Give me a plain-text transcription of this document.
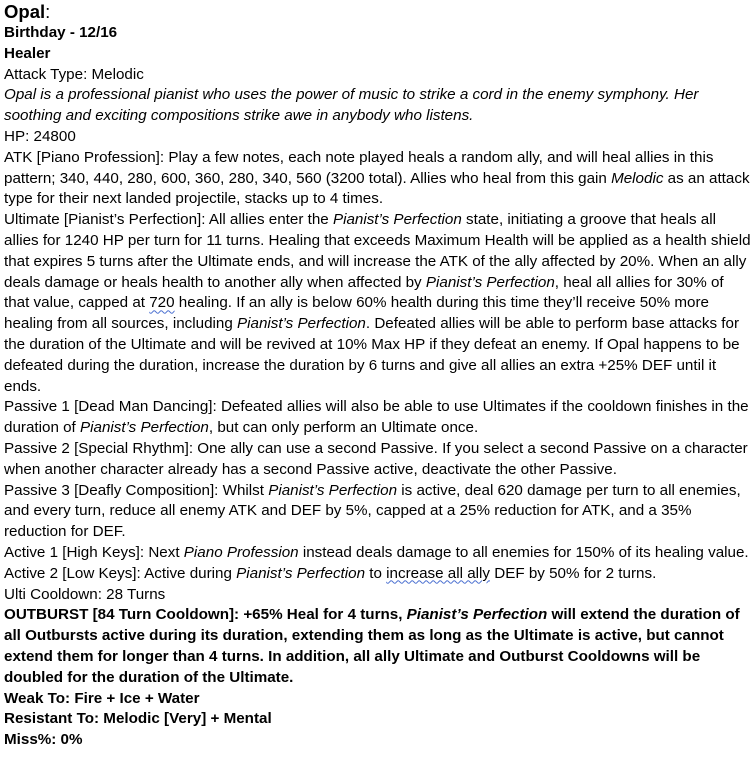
Opal:

Birthday - 12/16

Healer

Attack Type: Melodic

Opal is a professional pianist who uses the power of music to strike a cord in the enemy symphony. Her soothing and exciting compositions strike awe in anybody who listens.

HP: 24800

ATK [Piano Profession]: Play a few notes, each note played heals a random ally, and will heal allies in this pattern; 340, 440, 280, 600, 360, 280, 340, 560 (3200 total). Allies who heal from this gain Melodic as an attack type for their next landed projectile, stacks up to 4 times.

Ultimate [Pianist’s Perfection]: All allies enter the Pianist’s Perfection state, initiating a groove that heals all allies for 1240 HP per turn for 11 turns. Healing that exceeds Maximum Health will be applied as a health shield that expires 5 turns after the Ultimate ends, and will increase the ATK of the ally affected by 20%. When an ally deals damage or heals health to another ally when affected by Pianist’s Perfection, heal all allies for 30% of that value, capped at 720 healing. If an ally is below 60% health during this time they’ll receive 50% more healing from all sources, including Pianist’s Perfection. Defeated allies will be able to perform base attacks for the duration of the Ultimate and will be revived at 10% Max HP if they defeat an enemy. If Opal happens to be defeated during the duration, increase the duration by 6 turns and give all allies an extra +25% DEF until it ends.

Passive 1 [Dead Man Dancing]: Defeated allies will also be able to use Ultimates if the cooldown finishes in the duration of Pianist’s Perfection, but can only perform an Ultimate once.

Passive 2 [Special Rhythm]: One ally can use a second Passive. If you select a second Passive on a character when another character already has a second Passive active, deactivate the other Passive.

Passive 3 [Deafly Composition]: Whilst Pianist’s Perfection is active, deal 620 damage per turn to all enemies, and every turn, reduce all enemy ATK and DEF by 5%, capped at a 25% reduction for ATK, and a 35% reduction for DEF.

Active 1 [High Keys]: Next Piano Profession instead deals damage to all enemies for 150% of its healing value.

Active 2 [Low Keys]: Active during Pianist’s Perfection to increase all ally DEF by 50% for 2 turns.

Ulti Cooldown: 28 Turns

OUTBURST [84 Turn Cooldown]: +65% Heal for 4 turns, Pianist’s Perfection will extend the duration of all Outbursts active during its duration, extending them as long as the Ultimate is active, but cannot extend them for longer than 4 turns. In addition, all ally Ultimate and Outburst Cooldowns will be doubled for the duration of the Ultimate.

Weak To: Fire + Ice + Water

Resistant To: Melodic [Very] + Mental

Miss%: 0%
